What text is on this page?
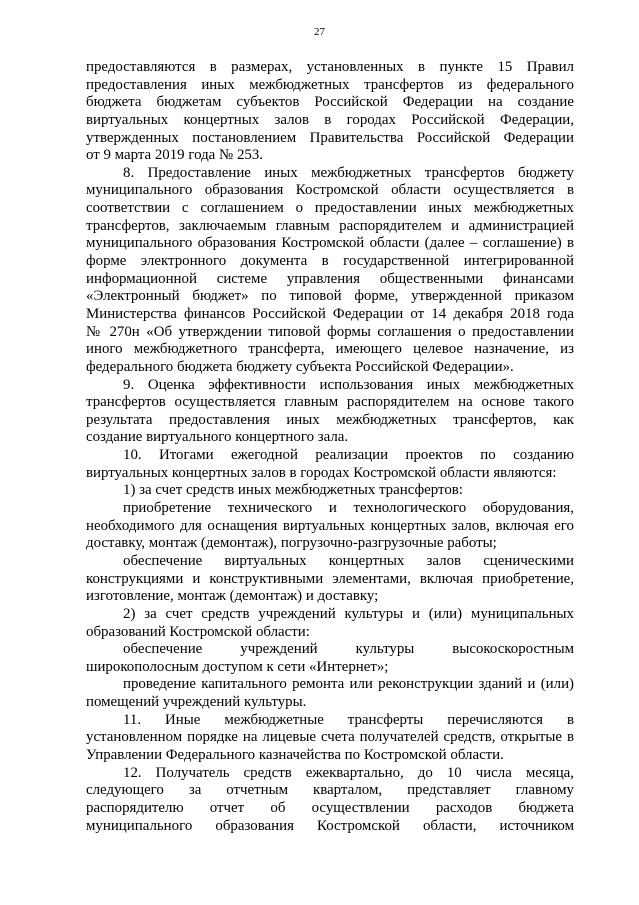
27
предоставляются в размерах, установленных в пункте 15 Правил
предоставления иных межбюджетных трансфертов из федерального
бюджета бюджетам субъектов Российской Федерации на создание
виртуальных концертных залов в городах Российской Федерации,
утвержденных постановлением Правительства Российской Федерации
от 9 марта 2019 года № 253.
8. Предоставление иных межбюджетных трансфертов бюджету
муниципального образования Костромской области осуществляется в
соответствии с соглашением о предоставлении иных межбюджетных
трансфертов, заключаемым главным распорядителем и администрацией
муниципального образования Костромской области (далее – соглашение) в
форме электронного документа в государственной интегрированной
информационной системе управления общественными финансами
«Электронный бюджет» по типовой форме, утвержденной приказом
Министерства финансов Российской Федерации от 14 декабря 2018 года
№ 270н «Об утверждении типовой формы соглашения о предоставлении
иного межбюджетного трансферта, имеющего целевое назначение, из
федерального бюджета бюджету субъекта Российской Федерации».
9. Оценка эффективности использования иных межбюджетных
трансфертов осуществляется главным распорядителем на основе такого
результата предоставления иных межбюджетных трансфертов, как
создание виртуального концертного зала.
10. Итогами ежегодной реализации проектов по созданию
виртуальных концертных залов в городах Костромской области являются:
1) за счет средств иных межбюджетных трансфертов:
приобретение технического и технологического оборудования,
необходимого для оснащения виртуальных концертных залов, включая его
доставку, монтаж (демонтаж), погрузочно-разгрузочные работы;
обеспечение виртуальных концертных залов сценическими
конструкциями и конструктивными элементами, включая приобретение,
изготовление, монтаж (демонтаж) и доставку;
2) за счет средств учреждений культуры и (или) муниципальных
образований Костромской области:
обеспечение учреждений культуры высокоскоростным
широкополосным доступом к сети «Интернет»;
проведение капитального ремонта или реконструкции зданий и (или)
помещений учреждений культуры.
11. Иные межбюджетные трансферты перечисляются в
установленном порядке на лицевые счета получателей средств, открытые в
Управлении Федерального казначейства по Костромской области.
12. Получатель средств ежеквартально, до 10 числа месяца,
следующего за отчетным кварталом, представляет главному
распорядителю отчет об осуществлении расходов бюджета
муниципального образования Костромской области, источником
